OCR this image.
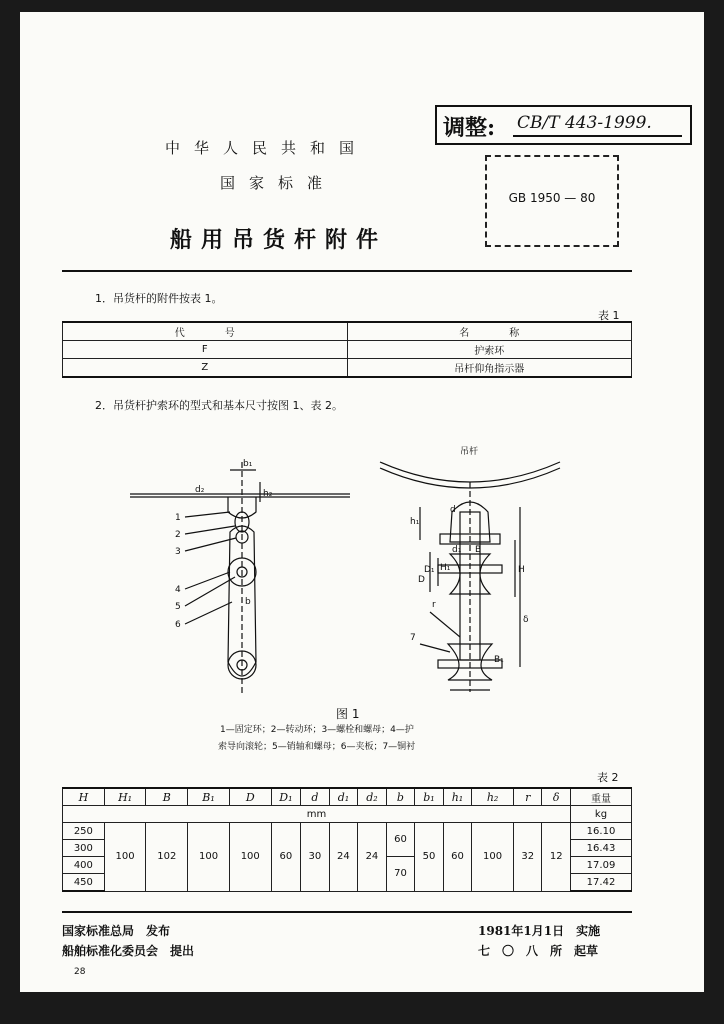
中华人民共和国
国家标准
船用吊货杆附件
调整: CB/T 443-1999.
GB 1950 — 80
1．吊货杆的附件按表 1。
表 1
代　　　　号	名　　　　称
F	护索环
Z	吊杆仰角指示器
2．吊货杆护索环的型式和基本尺寸按图 1、表 2。
d₂
b₁
h₂
b
1
2
3
4
5
6
7
吊杆
d
h₁
d₁ B
D
D₁ H₁	H
δ
r
B₁
图 1
1—固定环；2—转动环；3—螺栓和螺母；4—护
索导向滚轮；5—销轴和螺母；6—夹板；7—铜衬
表 2
H	H₁	B	B₁	D	D₁	d	d₁	d₂	b	b₁	h₁	h₂	r	δ	重量
mm															kg
250	100	102	100	100	60	30	24	24	60	50	60	100	32	12	16.10
300															16.43
400									70						17.09
450															17.42
国家标准总局　发布
船舶标准化委员会　提出
1981年1月1日　实施
七　〇　八　所　起草
28
